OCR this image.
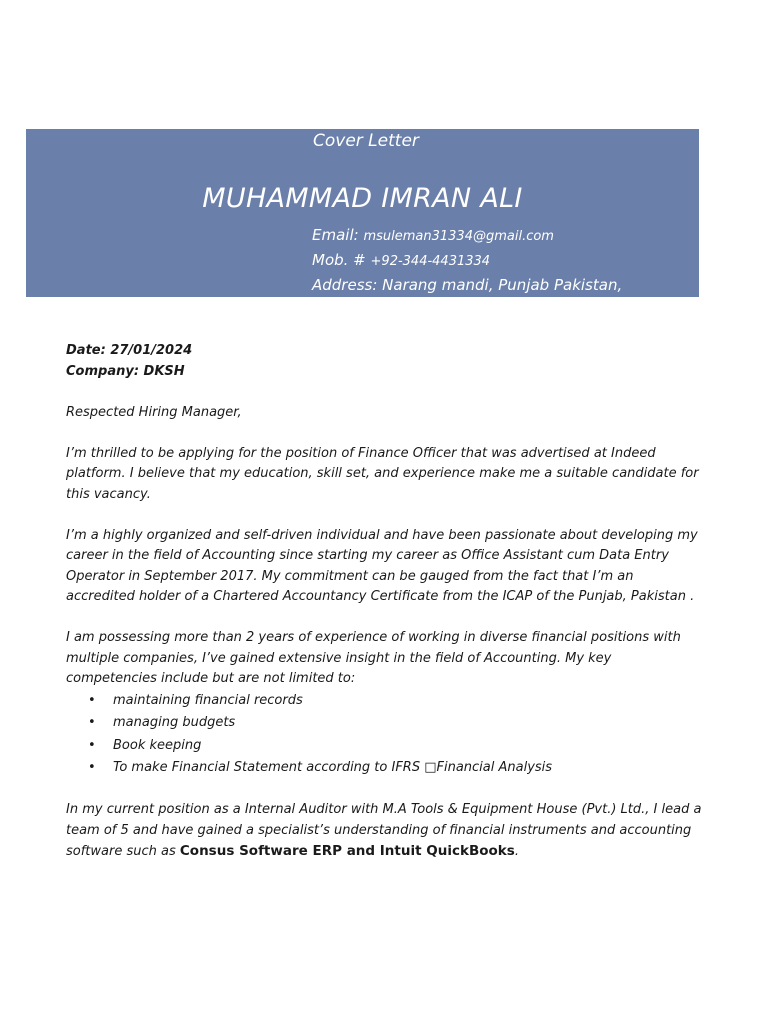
Cover Letter
MUHAMMAD IMRAN ALI
Email: msuleman31334@gmail.com
Mob. # +92-344-4431334
Address: Narang mandi, Punjab Pakistan,
Date: 27/01/2024
Company: DKSH

Respected Hiring Manager,

I’m thrilled to be applying for the position of Finance Officer that was advertised at Indeed platform. I believe that my education, skill set, and experience make me a suitable candidate for this vacancy.

I’m a highly organized and self-driven individual and have been passionate about developing my career in the field of Accounting since starting my career as Office Assistant cum Data Entry Operator in September 2017. My commitment can be gauged from the fact that I’m an accredited holder of a Chartered Accountancy Certificate from the ICAP of the Punjab, Pakistan .

I am possessing more than 2 years of experience of working in diverse financial positions with multiple companies, I’ve gained extensive insight in the field of Accounting. My key competencies include but are not limited to:

• maintaining financial records
• managing budgets
• Book keeping
• To make Financial Statement according to IFRS □Financial Analysis

In my current position as a Internal Auditor with M.A Tools & Equipment House (Pvt.) Ltd., I lead a team of 5 and have gained a specialist’s understanding of financial instruments and accounting software such as Consus Software ERP and Intuit QuickBooks.
